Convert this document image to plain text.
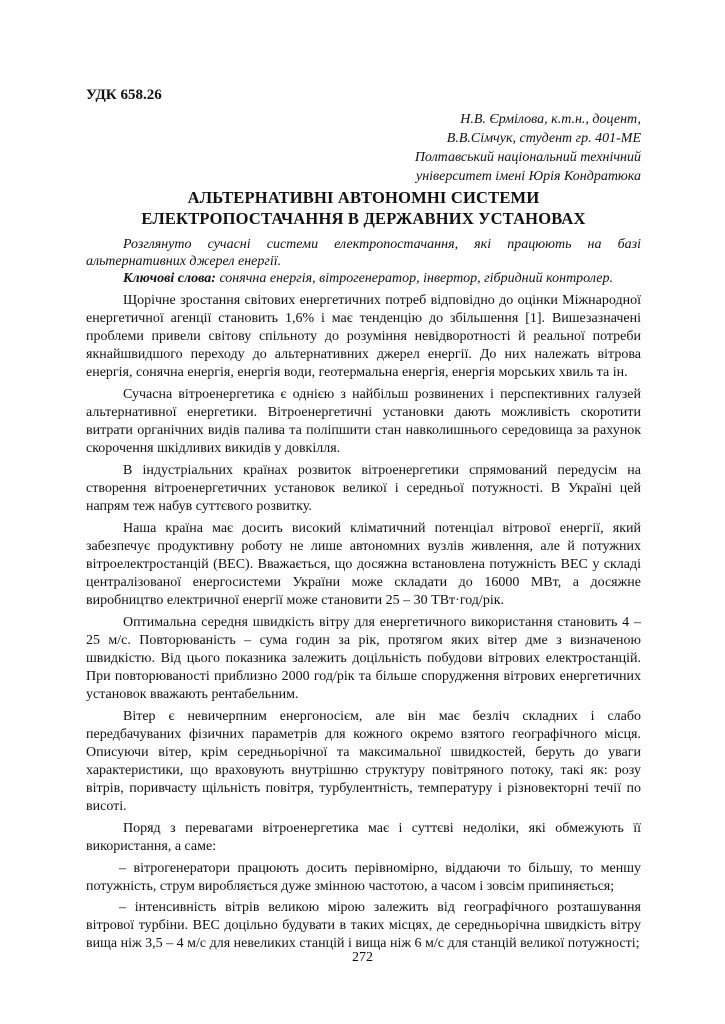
УДК 658.26
Н.В. Єрмілова, к.т.н., доцент,
В.В.Сімчук, студент гр. 401-МЕ
Полтавський національний технічний
університет імені Юрія Кондратюка
АЛЬТЕРНАТИВНІ АВТОНОМНІ СИСТЕМИ
ЕЛЕКТРОПОСТАЧАННЯ В ДЕРЖАВНИХ УСТАНОВАХ

Розглянуто сучасні системи електропостачання, які працюють на базі альтернативних джерел енергії.

Ключові слова: сонячна енергія, вітрогенератор, інвертор, гібридний контролер.

Щорічне зростання світових енергетичних потреб відповідно до оцінки Міжнародної енергетичної агенції становить 1,6% і має тенденцію до збільшення [1]. Вишезазначені проблеми привели світову спільноту до розуміння невідворотності й реальної потреби якнайшвидшого переходу до альтернативних джерел енергії. До них належать вітрова енергія, сонячна енергія, енергія води, геотермальна енергія, енергія морських хвиль та ін.

Сучасна вітроенергетика є однією з найбільш розвинених і перспективних галузей альтернативної енергетики. Вітроенергетичні установки дають можливість скоротити витрати органічних видів палива та поліпшити стан навколишнього середовища за рахунок скорочення шкідливих викидів у довкілля.

В індустріальних країнах розвиток вітроенергетики спрямований передусім на створення вітроенергетичних установок великої і середньої потужності. В Україні цей напрям теж набув суттєвого розвитку.

Наша країна має досить високий кліматичний потенціал вітрової енергії, який забезпечує продуктивну роботу не лише автономних вузлів живлення, але й потужних вітроелектростанцій (ВЕС). Вважається, що досяжна встановлена потужність ВЕС у складі централізованої енергосистеми України може складати до 16000 МВт, а досяжне виробництво електричної енергії може становити 25 – 30 ТВт·год/рік.

Оптимальна середня швидкість вітру для енергетичного використання становить 4 – 25 м/с. Повторюваність – сума годин за рік, протягом яких вітер дме з визначеною швидкістю. Від цього показника залежить доцільність побудови вітрових електростанцій. При повторюваності приблизно 2000 год/рік та більше спорудження вітрових енергетичних установок вважають рентабельним.

Вітер є невичерпним енергоносієм, але він має безліч складних і слабо передбачуваних фізичних параметрів для кожного окремо взятого географічного місця. Описуючи вітер, крім середньорічної та максимальної швидкостей, беруть до уваги характеристики, що враховують внутрішню структуру повітряного потоку, такі як: розу вітрів, поривчасту щільність повітря, турбулентність, температуру і різновекторні течії по висоті.

Поряд з перевагами вітроенергетика має і суттєві недоліки, які обмежують її використання, а саме:

– вітрогенератори працюють досить перівномірно, віддаючи то більшу, то меншу потужність, струм виробляється дуже змінною частотою, а часом і зовсім припиняється;

– інтенсивність вітрів великою мірою залежить від географічного розташування вітрової турбіни. ВЕС доцільно будувати в таких місцях, де середньорічна швидкість вітру вища ніж 3,5 – 4 м/с для невеликих станцій і вища ніж 6 м/с для станцій великої потужності;

272
